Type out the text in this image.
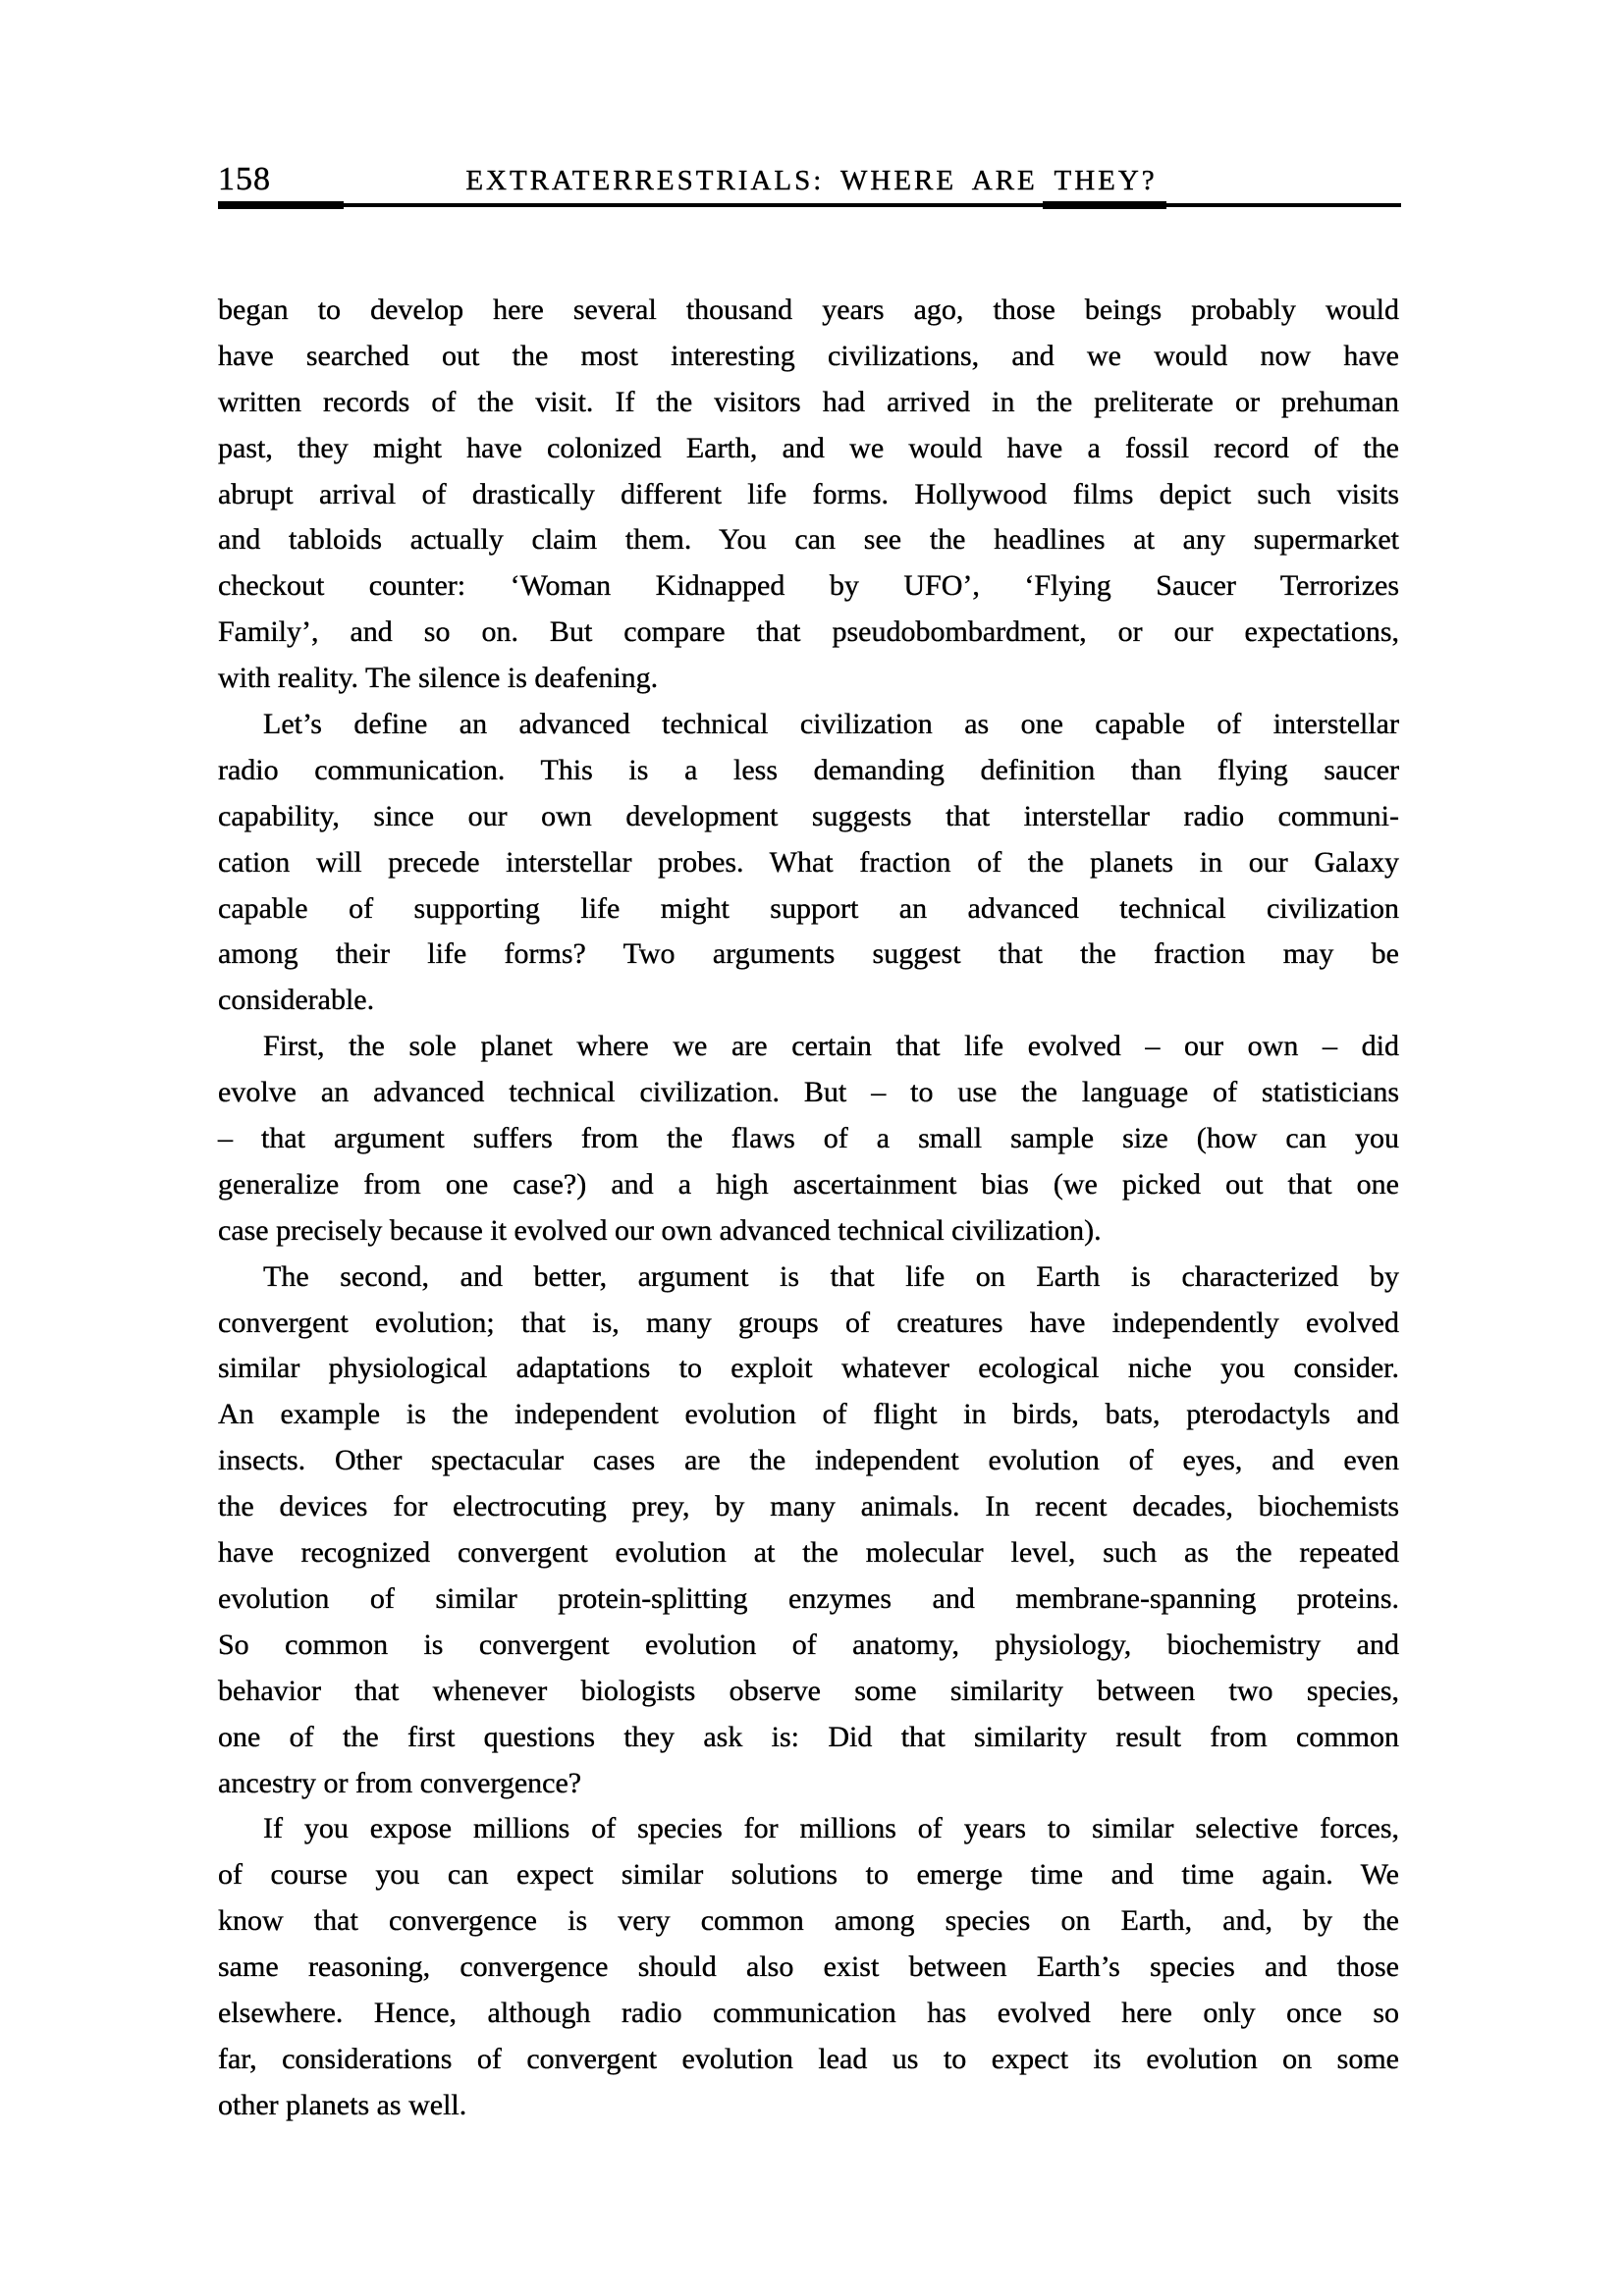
158	EXTRATERRESTRIALS: WHERE ARE THEY?
began to develop here several thousand years ago, those beings probably would
have searched out the most interesting civilizations, and we would now have
written records of the visit. If the visitors had arrived in the preliterate or prehuman
past, they might have colonized Earth, and we would have a fossil record of the
abrupt arrival of drastically different life forms. Hollywood films depict such visits
and tabloids actually claim them. You can see the headlines at any supermarket
checkout counter: ‘Woman Kidnapped by UFO’, ‘Flying Saucer Terrorizes
Family’, and so on. But compare that pseudobombardment, or our expectations,
with reality. The silence is deafening.
Let’s define an advanced technical civilization as one capable of interstellar
radio communication. This is a less demanding definition than flying saucer
capability, since our own development suggests that interstellar radio communi-
cation will precede interstellar probes. What fraction of the planets in our Galaxy
capable of supporting life might support an advanced technical civilization
among their life forms? Two arguments suggest that the fraction may be
considerable.
First, the sole planet where we are certain that life evolved – our own – did
evolve an advanced technical civilization. But – to use the language of statisticians
– that argument suffers from the flaws of a small sample size (how can you
generalize from one case?) and a high ascertainment bias (we picked out that one
case precisely because it evolved our own advanced technical civilization).
The second, and better, argument is that life on Earth is characterized by
convergent evolution; that is, many groups of creatures have independently evolved
similar physiological adaptations to exploit whatever ecological niche you consider.
An example is the independent evolution of flight in birds, bats, pterodactyls and
insects. Other spectacular cases are the independent evolution of eyes, and even
the devices for electrocuting prey, by many animals. In recent decades, biochemists
have recognized convergent evolution at the molecular level, such as the repeated
evolution of similar protein-splitting enzymes and membrane-spanning proteins.
So common is convergent evolution of anatomy, physiology, biochemistry and
behavior that whenever biologists observe some similarity between two species,
one of the first questions they ask is: Did that similarity result from common
ancestry or from convergence?
If you expose millions of species for millions of years to similar selective forces,
of course you can expect similar solutions to emerge time and time again. We
know that convergence is very common among species on Earth, and, by the
same reasoning, convergence should also exist between Earth’s species and those
elsewhere. Hence, although radio communication has evolved here only once so
far, considerations of convergent evolution lead us to expect its evolution on some
other planets as well.
